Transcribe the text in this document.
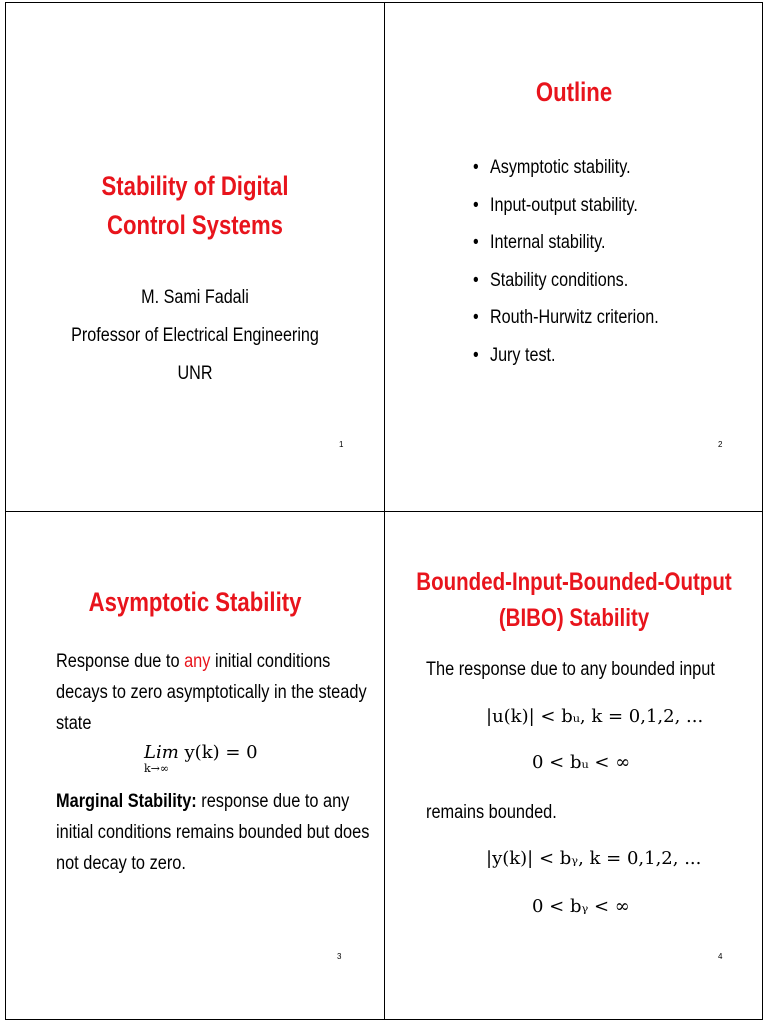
Stability of Digital
Control Systems
M. Sami Fadali
Professor of Electrical Engineering
UNR
1
Outline
• Asymptotic stability.
• Input-output stability.
• Internal stability.
• Stability conditions.
• Routh-Hurwitz criterion.
• Jury test.
2
Asymptotic Stability
Response due to any initial conditions
decays to zero asymptotically in the steady
state
Lim
k→∞
y(k) = 0
Marginal Stability: response due to any
initial conditions remains bounded but does
not decay to zero.
3
Bounded-Input-Bounded-Output
(BIBO) Stability
The response due to any bounded input
|u(k)| < bᵤ, k = 0,1,2, ...
0 < bᵤ < ∞
remains bounded.
|y(k)| < bᵧ, k = 0,1,2, ...
0 < bᵧ < ∞
4
